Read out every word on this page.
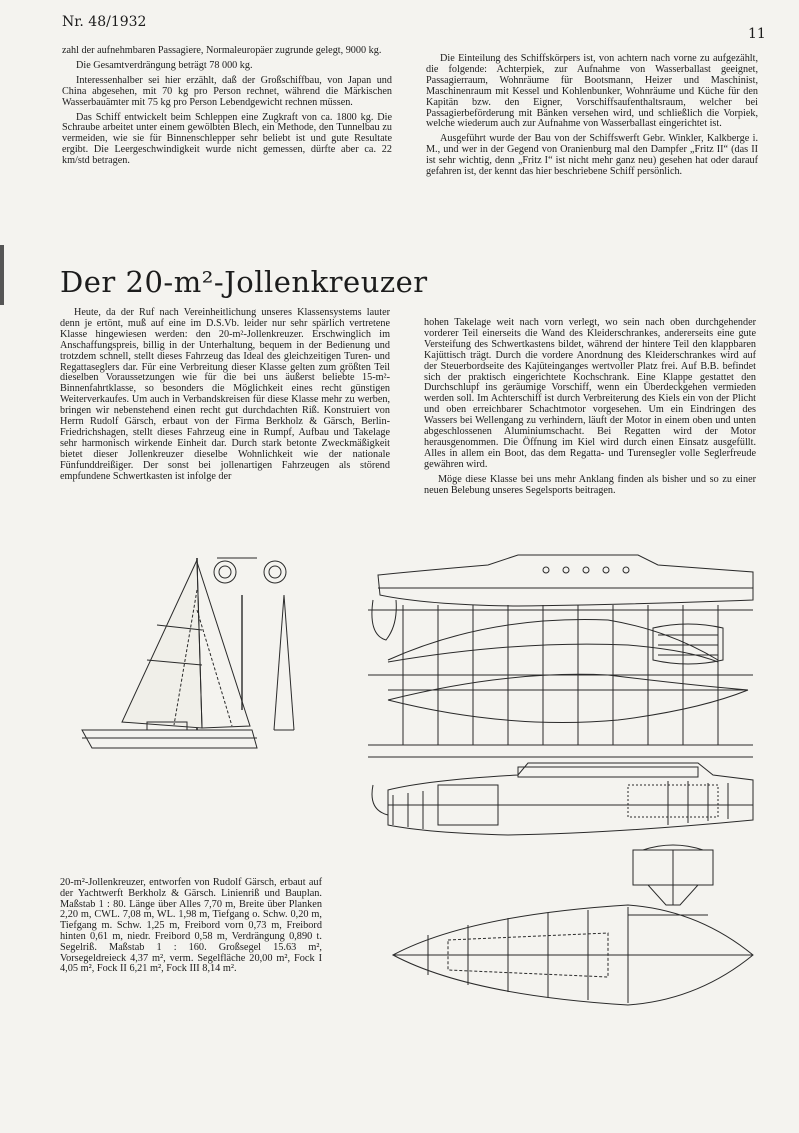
Nr. 48/1932
11

zahl der aufnehmbaren Passagiere, Normaleuropäer zugrunde gelegt, 9000 kg.

Die Gesamtverdrängung beträgt 78 000 kg.

Interessenhalber sei hier erzählt, daß der Großschiffbau, von Japan und China abgesehen, mit 70 kg pro Person rechnet, während die Märkischen Wasserbauämter mit 75 kg pro Person Lebendgewicht rechnen müssen.

Das Schiff entwickelt beim Schleppen eine Zugkraft von ca. 1800 kg. Die Schraube arbeitet unter einem gewölbten Blech, ein Methode, den Tunnelbau zu vermeiden, wie sie für Binnenschlepper sehr beliebt ist und gute Resultate ergibt. Die Leergeschwindigkeit wurde nicht gemessen, dürfte aber ca. 22 km/std betragen.

Die Einteilung des Schiffskörpers ist, von achtern nach vorne zu aufgezählt, die folgende: Achterpiek, zur Aufnahme von Wasserballast geeignet, Passagierraum, Wohnräume für Bootsmann, Heizer und Maschinist, Maschinenraum mit Kessel und Kohlenbunker, Wohnräume und Küche für den Kapitän bzw. den Eigner, Vorschiffsaufenthaltsraum, welcher bei Passagierbeförderung mit Bänken versehen wird, und schließlich die Vorpiek, welche wiederum auch zur Aufnahme von Wasserballast eingerichtet ist.

Ausgeführt wurde der Bau von der Schiffswerft Gebr. Winkler, Kalkberge i. M., und wer in der Gegend von Oranienburg mal den Dampfer „Fritz II“ (das II ist sehr wichtig, denn „Fritz I“ ist nicht mehr ganz neu) gesehen hat oder darauf gefahren ist, der kennt das hier beschriebene Schiff persönlich.

Der 20-m²-Jollenkreuzer

Heute, da der Ruf nach Vereinheitlichung unseres Klassensystems lauter denn je ertönt, muß auf eine im D.S.Vb. leider nur sehr spärlich vertretene Klasse hingewiesen werden: den 20-m²-Jollenkreuzer. Erschwinglich im Anschaffungspreis, billig in der Unterhaltung, bequem in der Bedienung und trotzdem schnell, stellt dieses Fahrzeug das Ideal des gleichzeitigen Turen- und Regattaseglers dar. Für eine Verbreitung dieser Klasse gelten zum größten Teil dieselben Voraussetzungen wie für die bei uns äußerst beliebte 15-m²-Binnenfahrtklasse, so besonders die Möglichkeit eines recht günstigen Weiterverkaufes. Um auch in Verbandskreisen für diese Klasse mehr zu werben, bringen wir nebenstehend einen recht gut durchdachten Riß. Konstruiert von Herrn Rudolf Gärsch, erbaut von der Firma Berkholz & Gärsch, Berlin-Friedrichshagen, stellt dieses Fahrzeug eine in Rumpf, Aufbau und Takelage sehr harmonisch wirkende Einheit dar. Durch stark betonte Zweckmäßigkeit bietet dieser Jollenkreuzer dieselbe Wohnlichkeit wie der nationale Fünfunddreißiger. Der sonst bei jollenartigen Fahrzeugen als störend empfundene Schwertkasten ist infolge der

hohen Takelage weit nach vorn verlegt, wo sein nach oben durchgehender vorderer Teil einerseits die Wand des Kleiderschrankes, andererseits eine gute Versteifung des Schwertkastens bildet, während der hintere Teil den klappbaren Kajüttisch trägt. Durch die vordere Anordnung des Kleiderschrankes wird auf der Steuerbordseite des Kajüteinganges wertvoller Platz frei. Auf B.B. befindet sich der praktisch eingerichtete Kochschrank. Eine Klappe gestattet den Durchschlupf ins geräumige Vorschiff, wenn ein Überdeckgehen vermieden werden soll. Im Achterschiff ist durch Verbreiterung des Kiels ein von der Plicht und oben erreichbarer Schachtmotor vorgesehen. Um ein Eindringen des Wassers bei Wellengang zu verhindern, läuft der Motor in einem oben und unten abgeschlossenen Aluminiumschacht. Bei Regatten wird der Motor herausgenommen. Die Öffnung im Kiel wird durch einen Einsatz ausgefüllt. Alles in allem ein Boot, das dem Regatta- und Turensegler volle Seglerfreude gewähren wird.

Möge diese Klasse bei uns mehr Anklang finden als bisher und so zu einer neuen Belebung unseres Segelsports beitragen.

20-m²-Jollenkreuzer, entworfen von Rudolf Gärsch, erbaut auf der Yachtwerft Berkholz & Gärsch. Linienriß und Bauplan. Maßstab 1 : 80. Länge über Alles 7,70 m, Breite über Planken 2,20 m, CWL. 7,08 m, WL. 1,98 m, Tiefgang o. Schw. 0,20 m, Tiefgang m. Schw. 1,25 m, Freibord vorn 0,73 m, Freibord hinten 0,61 m, niedr. Freibord 0,58 m, Verdrängung 0,890 t. Segelriß. Maßstab 1 : 160. Großsegel 15.63 m², Vorsegeldreieck 4,37 m², verm. Segelfläche 20,00 m², Fock I 4,05 m², Fock II 6,21 m², Fock III 8,14 m².
